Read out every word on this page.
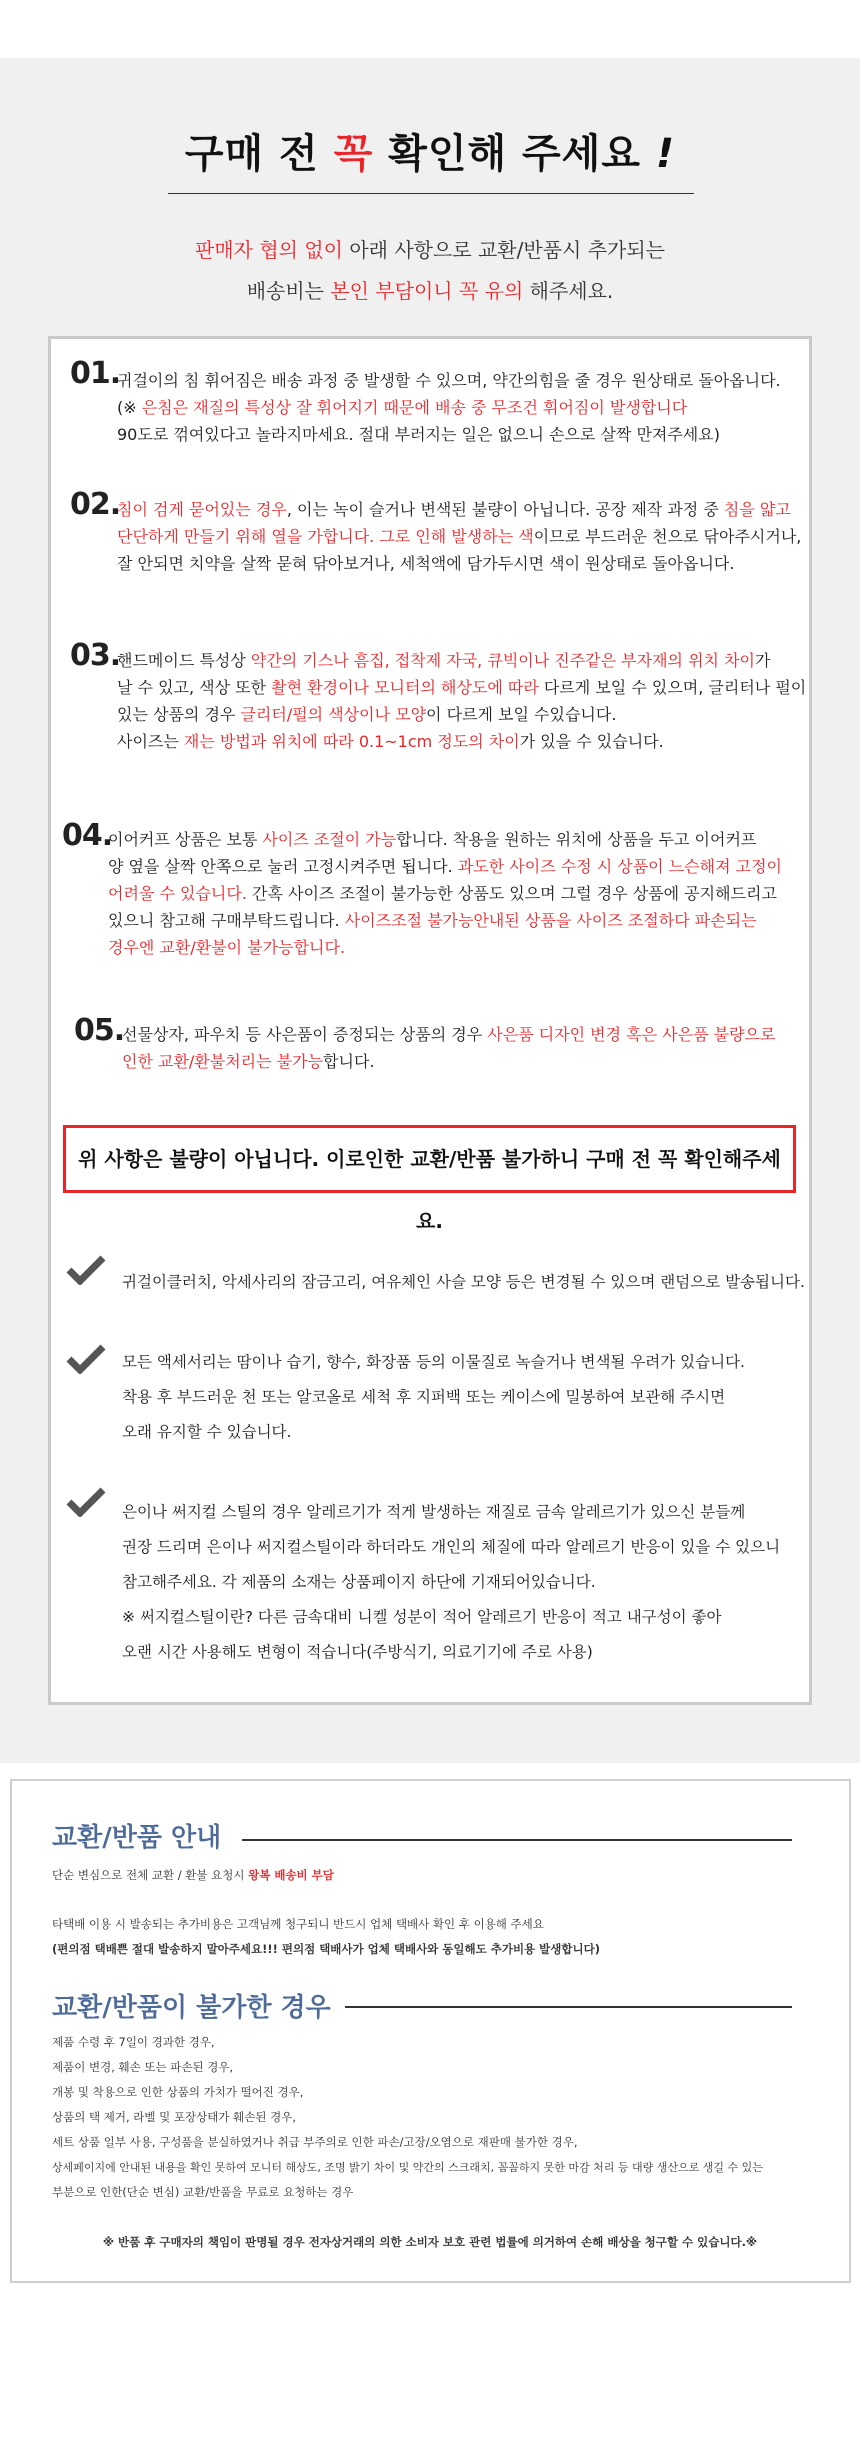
구매 전 꼭 확인해 주세요 !
판매자 협의 없이 아래 사항으로 교환/반품시 추가되는
배송비는 본인 부담이니 꼭 유의 해주세요.
01.
귀걸이의 침 휘어짐은 배송 과정 중 발생할 수 있으며, 약간의힘을 줄 경우 원상태로 돌아옵니다.
(※ 은침은 재질의 특성상 잘 휘어지기 때문에 배송 중 무조건 휘어짐이 발생합니다
90도로 꺾여있다고 놀라지마세요. 절대 부러지는 일은 없으니 손으로 살짝 만져주세요)
02.
침이 검게 묻어있는 경우, 이는 녹이 슬거나 변색된 불량이 아닙니다. 공장 제작 과정 중 침을 얇고
단단하게 만들기 위해 열을 가합니다. 그로 인해 발생하는 색이므로 부드러운 천으로 닦아주시거나,
잘 안되면 치약을 살짝 묻혀 닦아보거나, 세척액에 담가두시면 색이 원상태로 돌아옵니다.
03.
핸드메이드 특성상 약간의 기스나 흠집, 접착제 자국, 큐빅이나 진주같은 부자재의 위치 차이가
날 수 있고, 색상 또한 촬현 환경이나 모니터의 해상도에 따라 다르게 보일 수 있으며, 글리터나 펄이
있는 상품의 경우 글리터/펄의 색상이나 모양이 다르게 보일 수있습니다.
사이즈는 재는 방법과 위치에 따라 0.1~1cm 정도의 차이가 있을 수 있습니다.
04.
이어커프 상품은 보통 사이즈 조절이 가능합니다. 착용을 원하는 위치에 상품을 두고 이어커프
양 옆을 살짝 안쪽으로 눌러 고정시켜주면 됩니다. 과도한 사이즈 수정 시 상품이 느슨해져 고정이
어려울 수 있습니다. 간혹 사이즈 조절이 불가능한 상품도 있으며 그럴 경우 상품에 공지해드리고
있으니 참고해 구매부탁드립니다. 사이즈조절 불가능안내된 상품을 사이즈 조절하다 파손되는
경우엔 교환/환불이 불가능합니다.
05.
선물상자, 파우치 등 사은품이 증정되는 상품의 경우 사은품 디자인 변경 혹은 사은품 불량으로
인한 교환/환불처리는 불가능합니다.
위 사항은 불량이 아닙니다. 이로인한 교환/반품 불가하니 구매 전 꼭 확인해주세요.
귀걸이클러치, 악세사리의 잠금고리, 여유체인 사슬 모양 등은 변경될 수 있으며 랜덤으로 발송됩니다.
모든 액세서리는 땀이나 습기, 향수, 화장품 등의 이물질로 녹슬거나 변색될 우려가 있습니다.
착용 후 부드러운 천 또는 알코올로 세척 후 지퍼백 또는 케이스에 밀봉하여 보관해 주시면
오래 유지할 수 있습니다.
은이나 써지컬 스틸의 경우 알레르기가 적게 발생하는 재질로 금속 알레르기가 있으신 분들께
권장 드리며 은이나 써지컬스틸이라 하더라도 개인의 체질에 따라 알레르기 반응이 있을 수 있으니
참고해주세요. 각 제품의 소재는 상품페이지 하단에 기재되어있습니다.
※ 써지컬스틸이란? 다른 금속대비 니켈 성분이 적어 알레르기 반응이 적고 내구성이 좋아
오랜 시간 사용해도 변형이 적습니다(주방식기, 의료기기에 주로 사용)
교환/반품 안내
단순 변심으로 전체 교환 / 환불 요청시 왕복 배송비 부담
타택배 이용 시 발송되는 추가비용은 고객님께 청구되니 반드시 업체 택배사 확인 후 이용해 주세요
(편의점 택배쁜 절대 발송하지 말아주세요!!! 편의점 택배사가 업체 택배사와 동일해도 추가비용 발생합니다)
교환/반품이 불가한 경우
제품 수령 후 7일이 경과한 경우,
제품이 변경, 훼손 또는 파손된 경우,
개봉 및 착용으로 인한 상품의 가치가 떨어진 경우,
상품의 택 제거, 라벨 및 포장상태가 훼손된 경우,
세트 상품 일부 사용, 구성품을 분실하였거나 취급 부주의로 인한 파손/고장/오염으로 재판매 불가한 경우,
상세페이지에 안내된 내용을 확인 못하여 모니터 해상도, 조명 밝기 차이 및 약간의 스크래치, 꼼꼼하지 못한 마감 처리 등 대량 생산으로 생길 수 있는
부분으로 인한(단순 변심) 교환/반품을 무료로 요청하는 경우
※ 반품 후 구매자의 책임이 판명될 경우 전자상거래의 의한 소비자 보호 관련 법률에 의거하여 손해 배상을 청구할 수 있습니다.※
